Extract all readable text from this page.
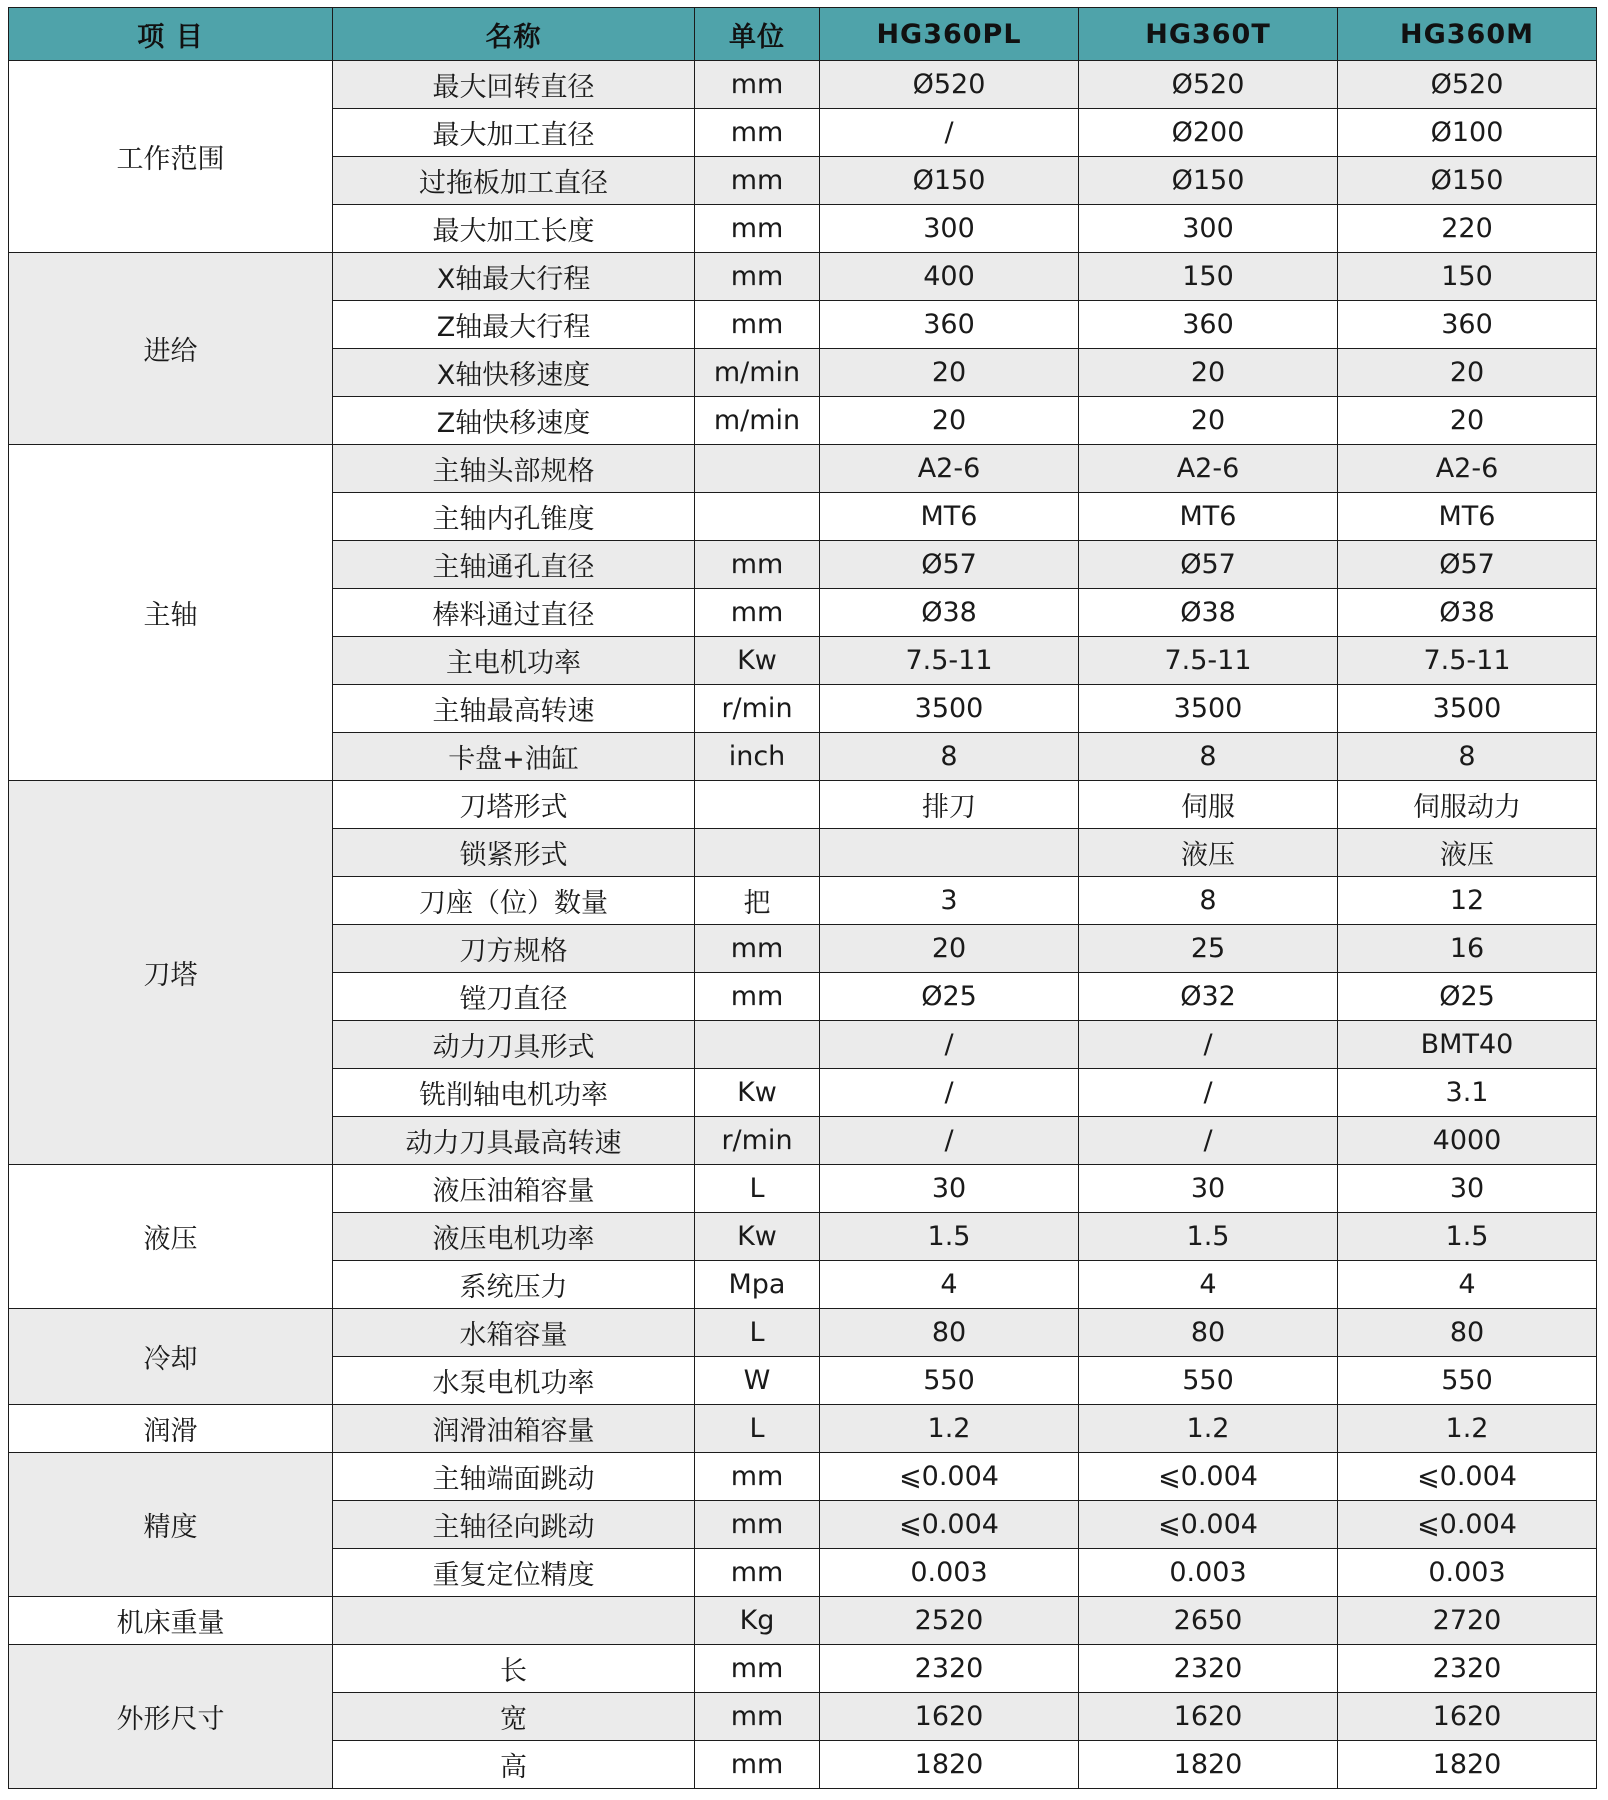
项 目	名称	单位	HG360PL	HG360T	HG360M
工作范围	最大回转直径	mm	Ø520	Ø520	Ø520
	最大加工直径	mm	/	Ø200	Ø100
	过拖板加工直径	mm	Ø150	Ø150	Ø150
	最大加工长度	mm	300	300	220
进给	X轴最大行程	mm	400	150	150
	Z轴最大行程	mm	360	360	360
	X轴快移速度	m/min	20	20	20
	Z轴快移速度	m/min	20	20	20
主轴	主轴头部规格		A2-6	A2-6	A2-6
	主轴内孔锥度		MT6	MT6	MT6
	主轴通孔直径	mm	Ø57	Ø57	Ø57
	棒料通过直径	mm	Ø38	Ø38	Ø38
	主电机功率	Kw	7.5-11	7.5-11	7.5-11
	主轴最高转速	r/min	3500	3500	3500
	卡盘+油缸	inch	8	8	8
刀塔	刀塔形式		排刀	伺服	伺服动力
	锁紧形式			液压	液压
	刀座（位）数量	把	3	8	12
	刀方规格	mm	20	25	16
	镗刀直径	mm	Ø25	Ø32	Ø25
	动力刀具形式		/	/	BMT40
	铣削轴电机功率	Kw	/	/	3.1
	动力刀具最高转速	r/min	/	/	4000
液压	液压油箱容量	L	30	30	30
	液压电机功率	Kw	1.5	1.5	1.5
	系统压力	Mpa	4	4	4
冷却	水箱容量	L	80	80	80
	水泵电机功率	W	550	550	550
润滑	润滑油箱容量	L	1.2	1.2	1.2
精度	主轴端面跳动	mm	⩽0.004	⩽0.004	⩽0.004
	主轴径向跳动	mm	⩽0.004	⩽0.004	⩽0.004
	重复定位精度	mm	0.003	0.003	0.003
机床重量		Kg	2520	2650	2720
外形尺寸	长	mm	2320	2320	2320
	宽	mm	1620	1620	1620
	高	mm	1820	1820	1820
